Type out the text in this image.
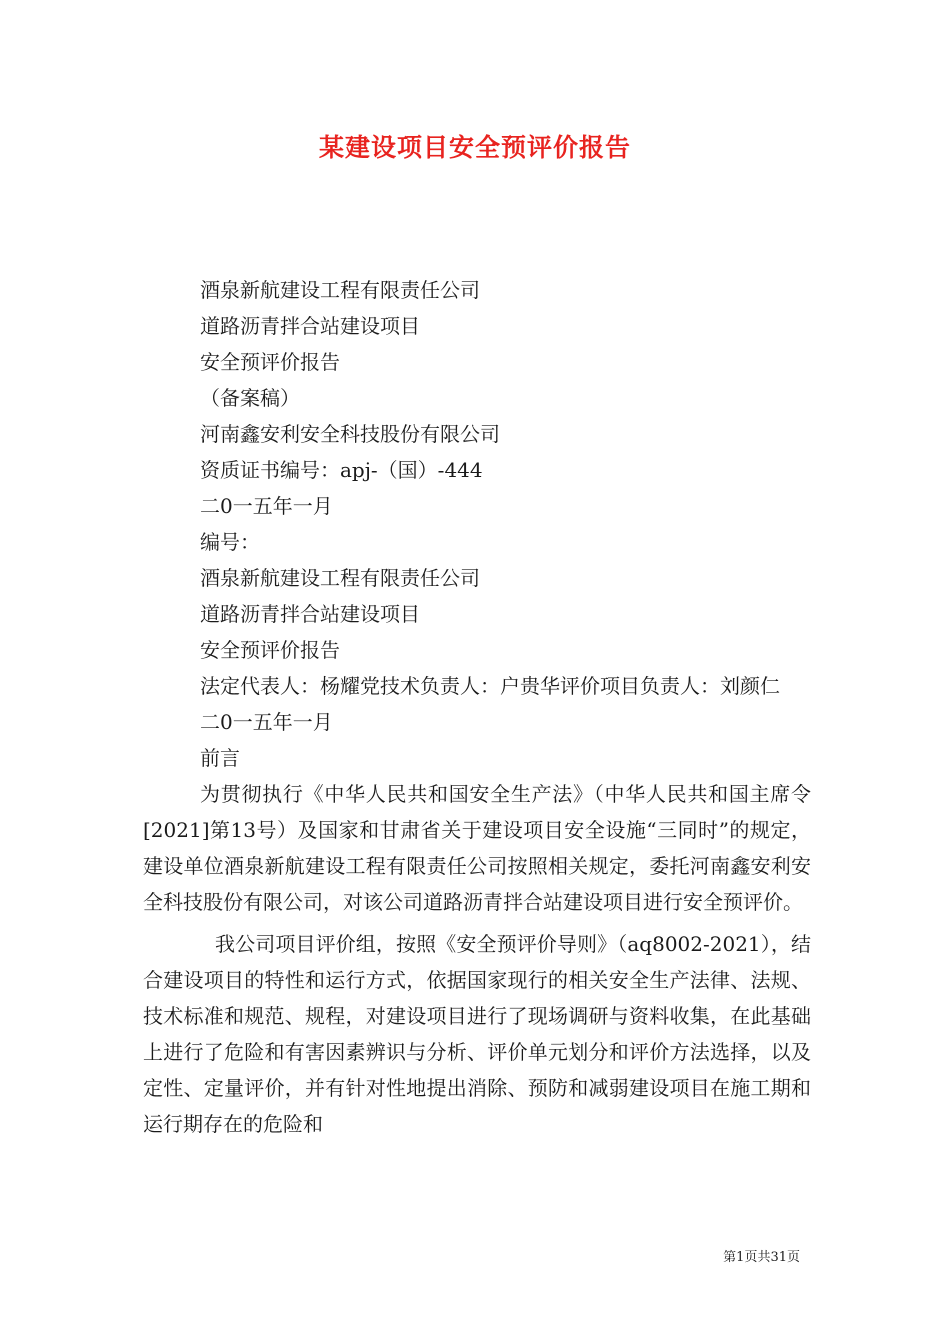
某建设项目安全预评价报告
酒泉新航建设工程有限责任公司
道路沥青拌合站建设项目
安全预评价报告
（备案稿）
河南鑫安利安全科技股份有限公司
资质证书编号：apj-（国）-444
二0一五年一月
编号：
酒泉新航建设工程有限责任公司
道路沥青拌合站建设项目
安全预评价报告

法定代表人：杨耀党技术负责人：户贵华评价项目负责人：刘颜仁

二0一五年一月
前言

为贯彻执行《中华人民共和国安全生产法》（中华人民共和国主席令[2021]第13号）及国家和甘肃省关于建设项目安全设施“三同时”的规定，建设单位酒泉新航建设工程有限责任公司按照相关规定，委托河南鑫安利安全科技股份有限公司，对该公司道路沥青拌合站建设项目进行安全预评价。

我公司项目评价组，按照《安全预评价导则》（aq8002-2021），结合建设项目的特性和运行方式，依据国家现行的相关安全生产法律、法规、技术标准和规范、规程，对建设项目进行了现场调研与资料收集，在此基础上进行了危险和有害因素辨识与分析、评价单元划分和评价方法选择，以及定性、定量评价，并有针对性地提出消除、预防和减弱建设项目在施工期和运行期存在的危险和

第1页共31页
